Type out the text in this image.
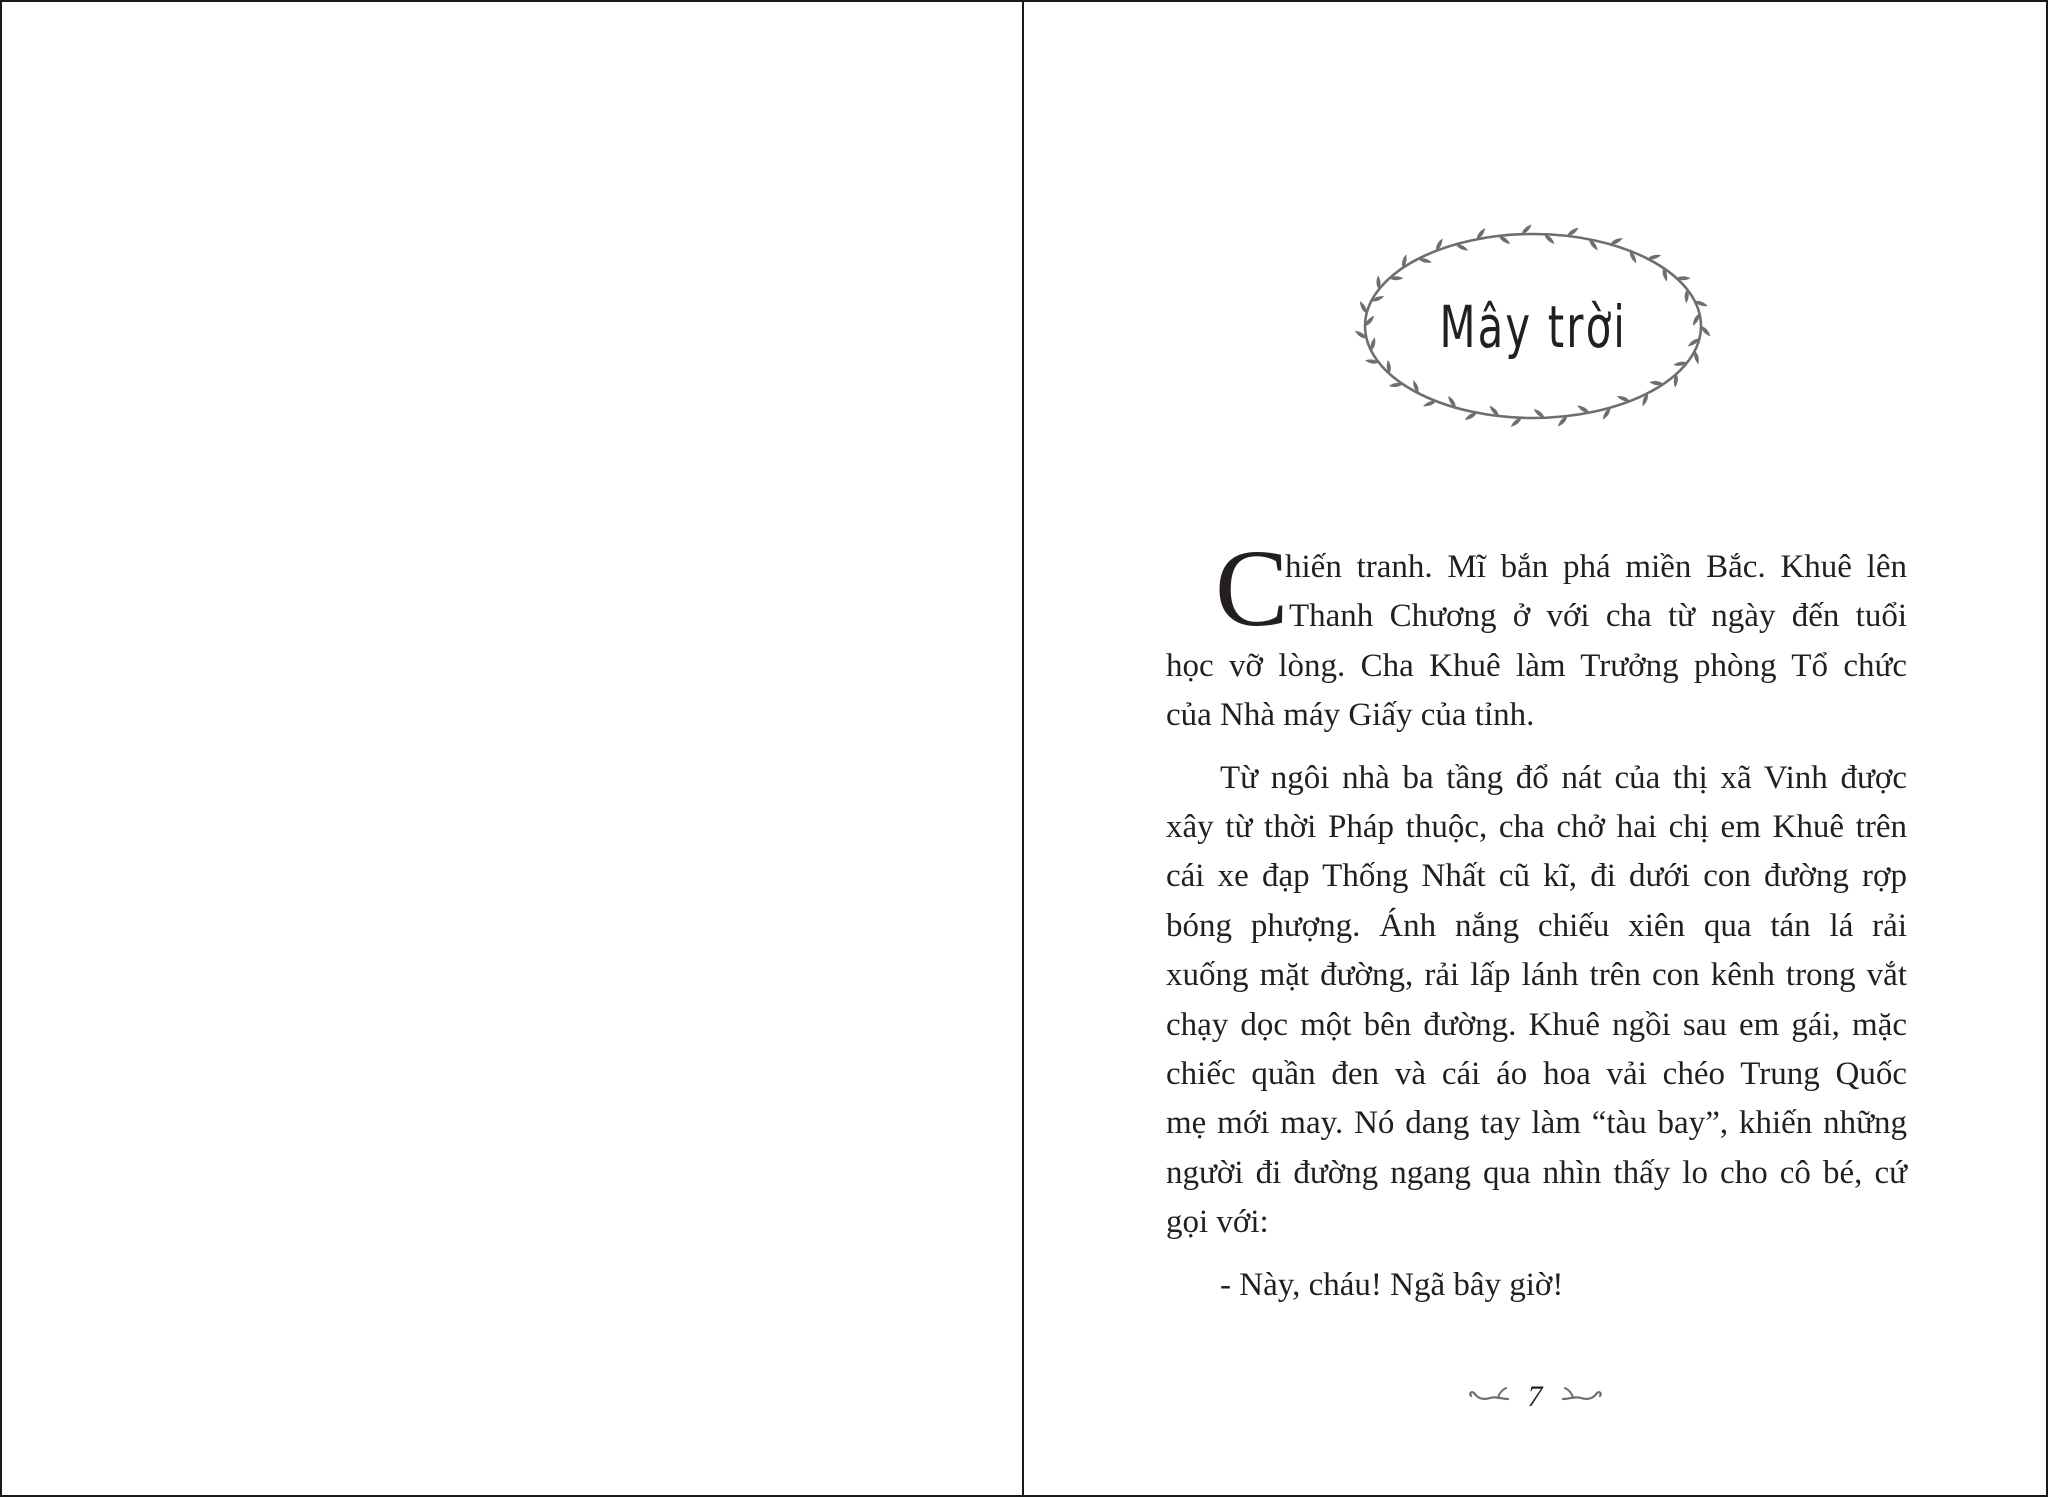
Mây trời
C
hiến tranh. Mĩ bắn phá miền Bắc. Khuê lên
Thanh Chương ở với cha từ ngày đến tuổi
học vỡ lòng. Cha Khuê làm Trưởng phòng Tổ chức
của Nhà máy Giấy của tỉnh.
Từ ngôi nhà ba tầng đổ nát của thị xã Vinh được
xây từ thời Pháp thuộc, cha chở hai chị em Khuê trên
cái xe đạp Thống Nhất cũ kĩ, đi dưới con đường rợp
bóng phượng. Ánh nắng chiếu xiên qua tán lá rải
xuống mặt đường, rải lấp lánh trên con kênh trong vắt
chạy dọc một bên đường. Khuê ngồi sau em gái, mặc
chiếc quần đen và cái áo hoa vải chéo Trung Quốc
mẹ mới may. Nó dang tay làm “tàu bay”, khiến những
người đi đường ngang qua nhìn thấy lo cho cô bé, cứ
gọi với:
- Này, cháu! Ngã bây giờ!
7
